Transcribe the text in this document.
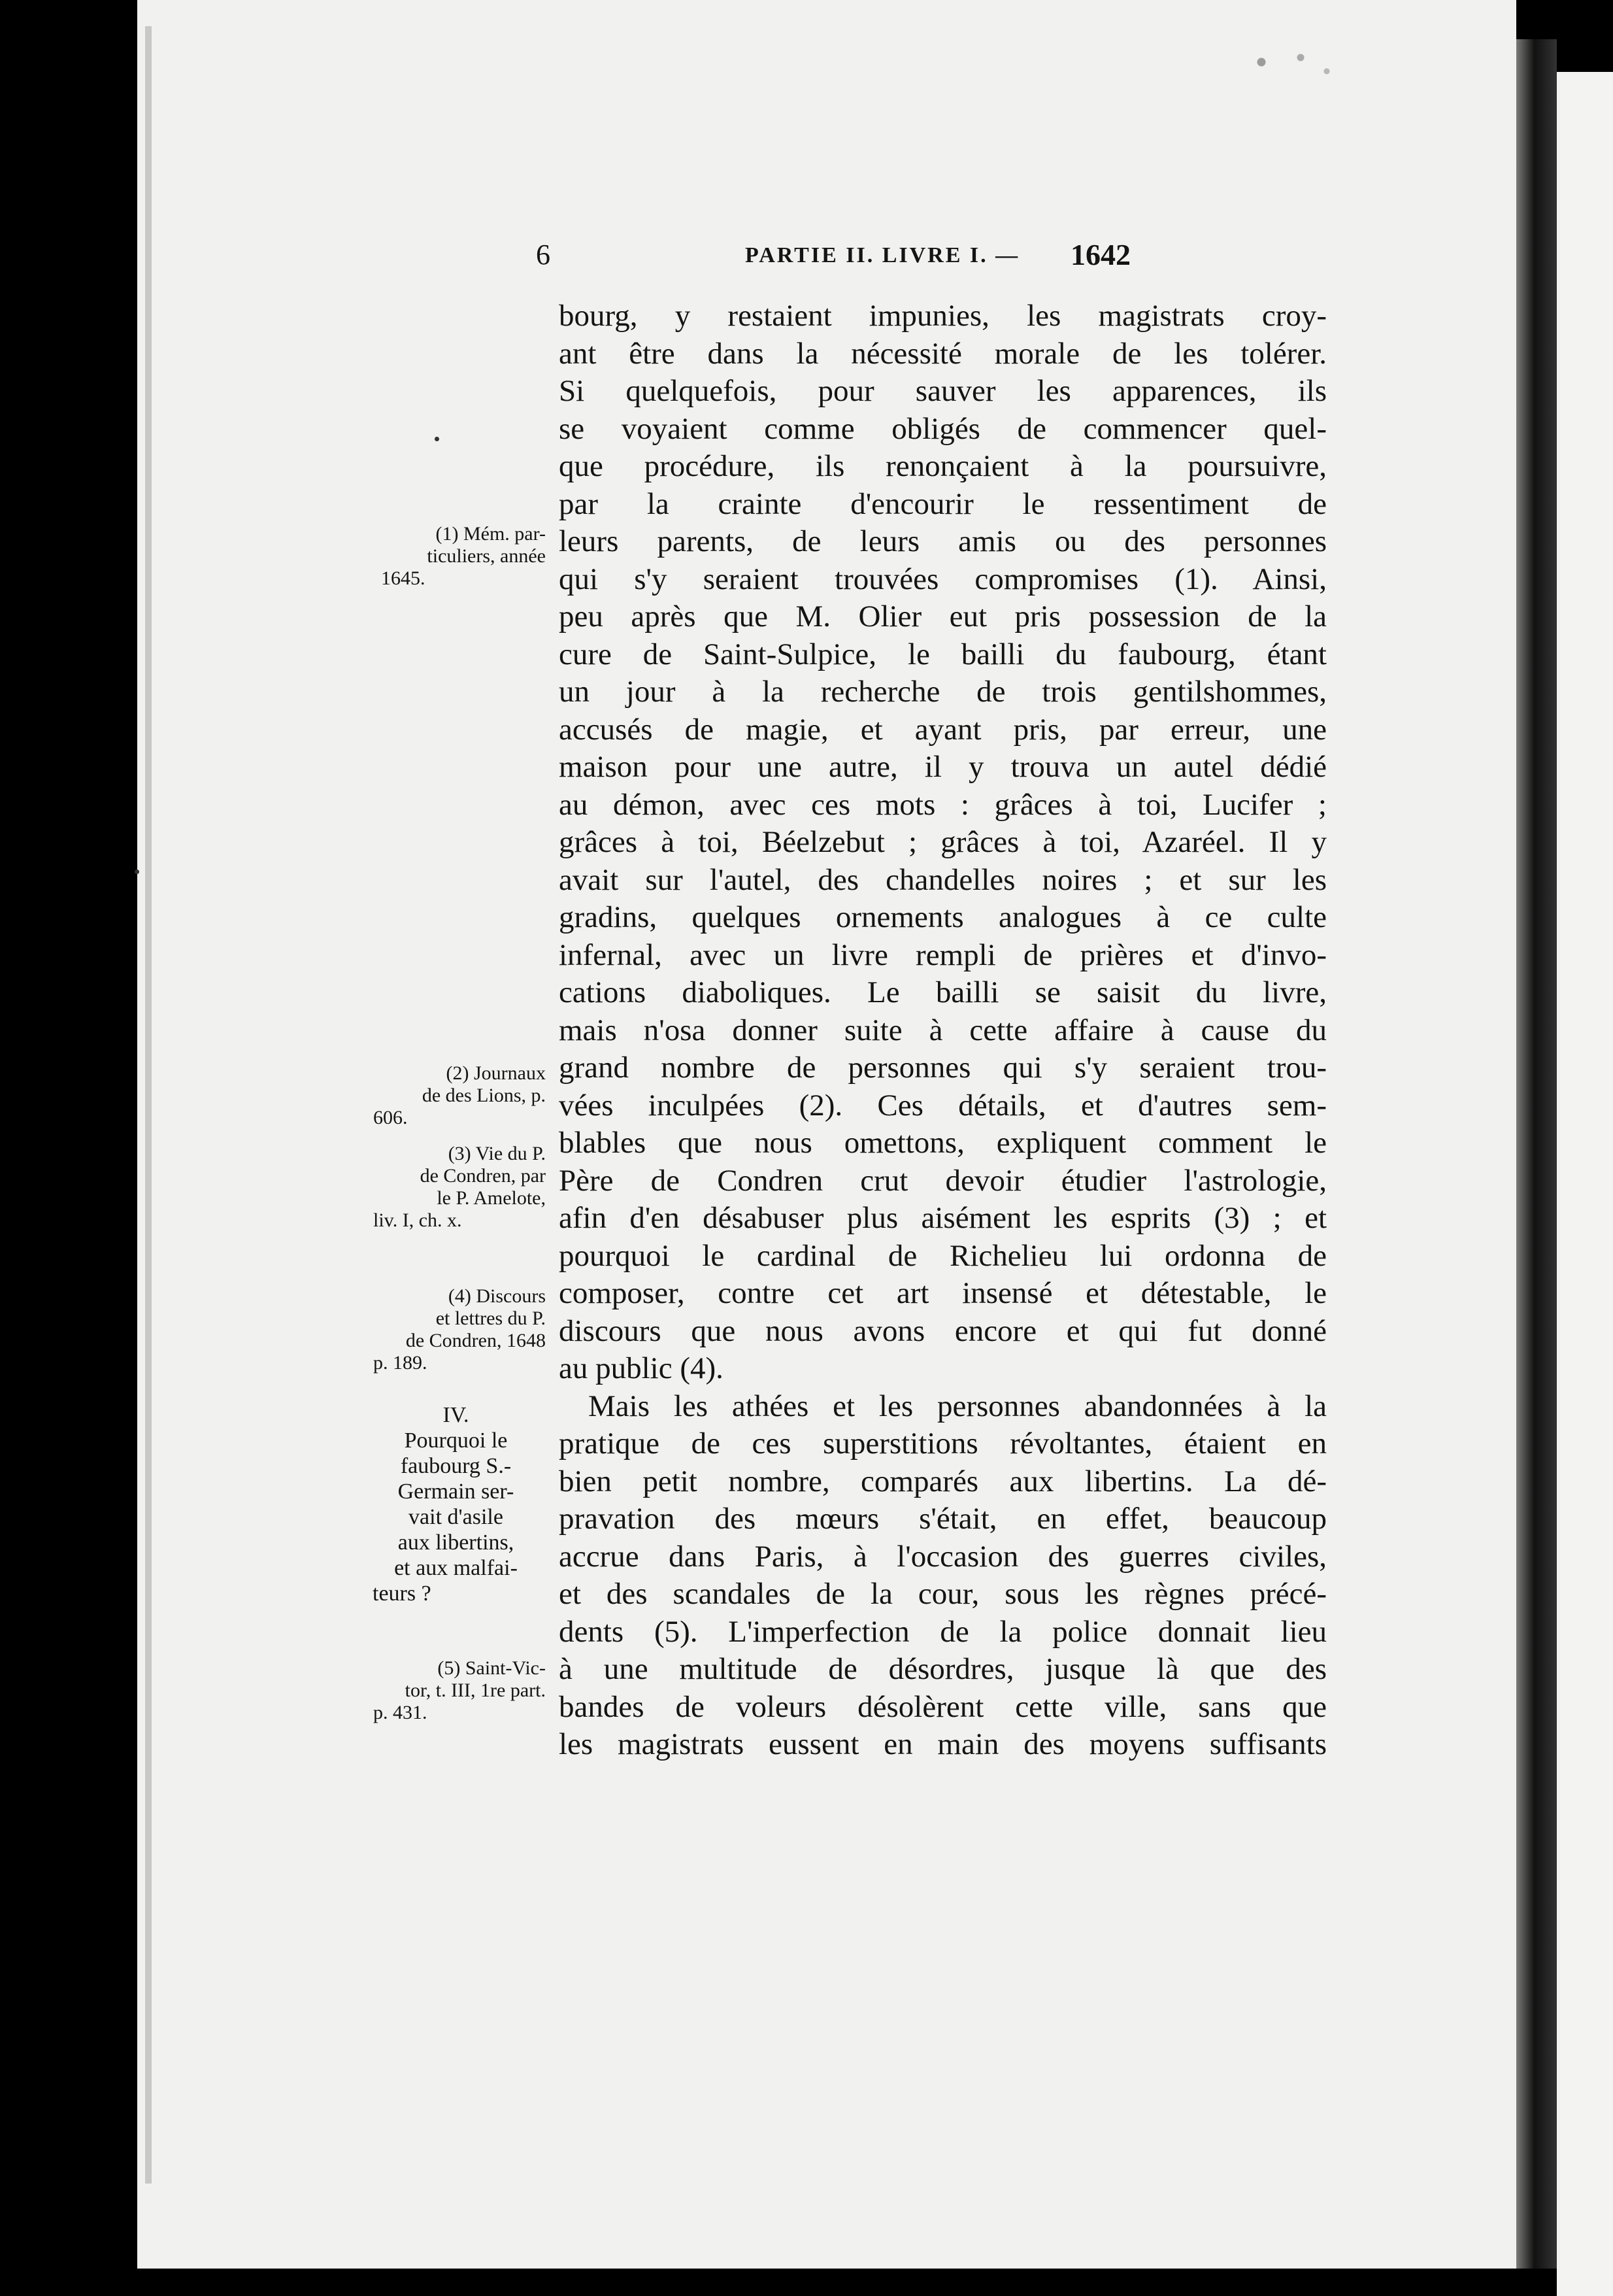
6	PARTIE II. LIVRE I. — 1642
bourg, y restaient impunies, les magistrats croy-
ant être dans la nécessité morale de les tolérer.
Si quelquefois, pour sauver les apparences, ils
se voyaient comme obligés de commencer quel-
que procédure, ils renonçaient à la poursuivre,
par la crainte d'encourir le ressentiment de
leurs parents, de leurs amis ou des personnes
qui s'y seraient trouvées compromises (1). Ainsi,
peu après que M. Olier eut pris possession de la
cure de Saint-Sulpice, le bailli du faubourg, étant
un jour à la recherche de trois gentilshommes,
accusés de magie, et ayant pris, par erreur, une
maison pour une autre, il y trouva un autel dédié
au démon, avec ces mots : grâces à toi, Lucifer ;
grâces à toi, Béelzebut ; grâces à toi, Azaréel. Il y
avait sur l'autel, des chandelles noires ; et sur les
gradins, quelques ornements analogues à ce culte
infernal, avec un livre rempli de prières et d'invo-
cations diaboliques. Le bailli se saisit du livre,
mais n'osa donner suite à cette affaire à cause du
grand nombre de personnes qui s'y seraient trou-
vées inculpées (2). Ces détails, et d'autres sem-
blables que nous omettons, expliquent comment le
Père de Condren crut devoir étudier l'astrologie,
afin d'en désabuser plus aisément les esprits (3) ; et
pourquoi le cardinal de Richelieu lui ordonna de
composer, contre cet art insensé et détestable, le
discours que nous avons encore et qui fut donné
au public (4).
Mais les athées et les personnes abandonnées à la
pratique de ces superstitions révoltantes, étaient en
bien petit nombre, comparés aux libertins. La dé-
pravation des mœurs s'était, en effet, beaucoup
accrue dans Paris, à l'occasion des guerres civiles,
et des scandales de la cour, sous les règnes précé-
dents (5). L'imperfection de la police donnait lieu
à une multitude de désordres, jusque là que des
bandes de voleurs désolèrent cette ville, sans que
les magistrats eussent en main des moyens suffisants
(1) Mém. par-
ticuliers, année
1645.
(2) Journaux
de des Lions, p.
606.
(3) Vie du P.
de Condren, par
le P. Amelote,
liv. I, ch. x.
(4) Discours
et lettres du P.
de Condren, 1648
p. 189.
IV.
Pourquoi le
faubourg S.-
Germain ser-
vait d'asile
aux libertins,
et aux malfai-
teurs ?
(5) Saint-Vic-
tor, t. III, 1re part.
p. 431.
